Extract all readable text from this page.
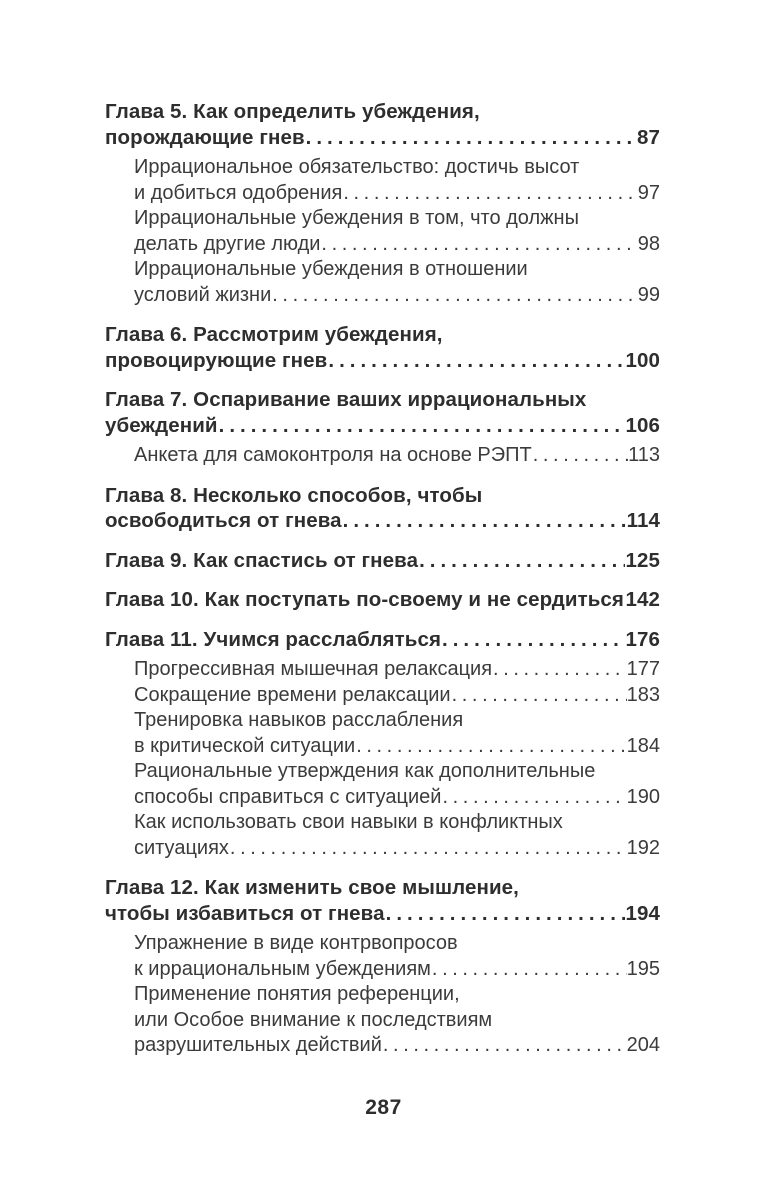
Глава 5. Как определить убеждения,
порождающие гнев .....	87
Иррациональное обязательство: достичь высот
и добиться одобрения .....	97
Иррациональные убеждения в том, что должны
делать другие люди .....	98
Иррациональные убеждения в отношении
условий жизни .....	99
Глава 6. Рассмотрим убеждения,
провоцирующие гнев .....	100
Глава 7. Оспаривание ваших иррациональных
убеждений .....	106
Анкета для самоконтроля на основе РЭПТ .....	113
Глава 8. Несколько способов, чтобы
освободиться от гнева .....	114
Глава 9. Как спастись от гнева .....	125
Глава 10. Как поступать по-своему и не сердиться ..... 142
Глава 11. Учимся расслабляться .....	176
Прогрессивная мышечная релаксация .....	177
Сокращение времени релаксации .....	183
Тренировка навыков расслабления
в критической ситуации .....	184
Рациональные утверждения как дополнительные
способы справиться с ситуацией .....	190
Как использовать свои навыки в конфликтных
ситуациях .....	192
Глава 12. Как изменить свое мышление,
чтобы избавиться от гнева .....	194
Упражнение в виде контрвопросов
к иррациональным убеждениям .....	195
Применение понятия референции,
или Особое внимание к последствиям
разрушительных действий .....	204
287
